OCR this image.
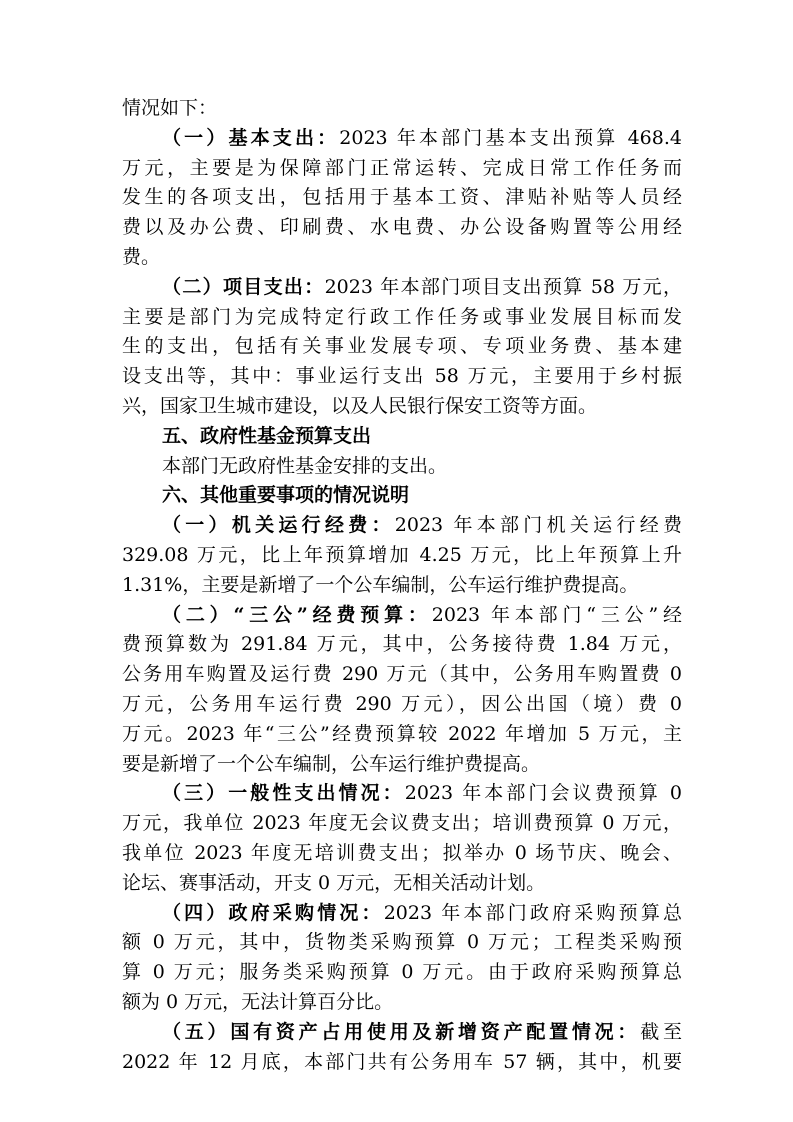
情况如下：
（一）基本支出：2023 年本部门基本支出预算 468.4
万元，主要是为保障部门正常运转、完成日常工作任务而
发生的各项支出，包括用于基本工资、津贴补贴等人员经
费以及办公费、印刷费、水电费、办公设备购置等公用经
费。
（二）项目支出：2023 年本部门项目支出预算 58 万元，
主要是部门为完成特定行政工作任务或事业发展目标而发
生的支出，包括有关事业发展专项、专项业务费、基本建
设支出等，其中：事业运行支出 58 万元，主要用于乡村振
兴，国家卫生城市建设，以及人民银行保安工资等方面。
五、政府性基金预算支出
本部门无政府性基金安排的支出。
六、其他重要事项的情况说明
（一）机关运行经费：2023 年本部门机关运行经费
329.08 万元，比上年预算增加 4.25 万元，比上年预算上升
1.31%，主要是新增了一个公车编制，公车运行维护费提高。
（二）“三公”经费预算：2023 年本部门“三公”经
费预算数为 291.84 万元，其中，公务接待费 1.84 万元，
公务用车购置及运行费 290 万元（其中，公务用车购置费 0
万元，公务用车运行费 290 万元），因公出国（境）费 0
万元。2023 年“三公”经费预算较 2022 年增加 5 万元，主
要是新增了一个公车编制，公车运行维护费提高。
（三）一般性支出情况：2023 年本部门会议费预算 0
万元，我单位 2023 年度无会议费支出；培训费预算 0 万元，
我单位 2023 年度无培训费支出；拟举办 0 场节庆、晚会、
论坛、赛事活动，开支 0 万元，无相关活动计划。
（四）政府采购情况：2023 年本部门政府采购预算总
额 0 万元，其中，货物类采购预算 0 万元；工程类采购预
算 0 万元；服务类采购预算 0 万元。由于政府采购预算总
额为 0 万元，无法计算百分比。
（五）国有资产占用使用及新增资产配置情况：截至
2022 年 12 月底，本部门共有公务用车 57 辆，其中，机要
